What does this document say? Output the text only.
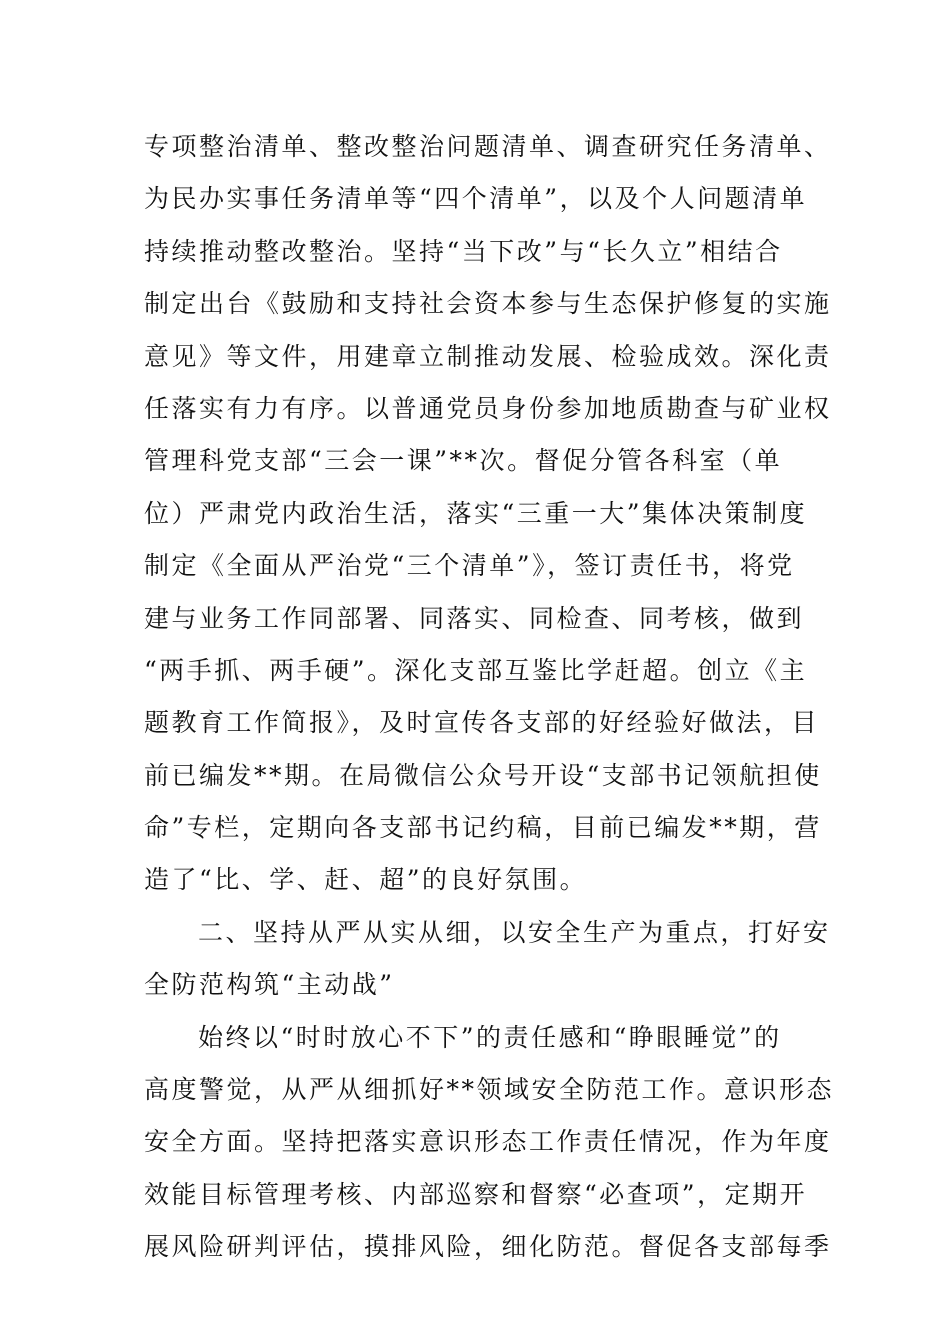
专项整治清单、整改整治问题清单、调查研究任务清单、
为民办实事任务清单等“四个清单”，以及个人问题清单
持续推动整改整治。坚持“当下改”与“长久立”相结合
制定出台《鼓励和支持社会资本参与生态保护修复的实施
意见》等文件，用建章立制推动发展、检验成效。深化责
任落实有力有序。以普通党员身份参加地质勘查与矿业权
管理科党支部“三会一课”**次。督促分管各科室（单
位）严肃党内政治生活，落实“三重一大”集体决策制度
制定《全面从严治党“三个清单”》，签订责任书，将党
建与业务工作同部署、同落实、同检查、同考核，做到
“两手抓、两手硬”。深化支部互鉴比学赶超。创立《主
题教育工作简报》，及时宣传各支部的好经验好做法，目
前已编发**期。在局微信公众号开设“支部书记领航担使
命”专栏，定期向各支部书记约稿，目前已编发**期，营
造了“比、学、赶、超”的良好氛围。
二、坚持从严从实从细，以安全生产为重点，打好安
全防范构筑“主动战”
始终以“时时放心不下”的责任感和“睁眼睡觉”的
高度警觉，从严从细抓好**领域安全防范工作。意识形态
安全方面。坚持把落实意识形态工作责任情况，作为年度
效能目标管理考核、内部巡察和督察“必查项”，定期开
展风险研判评估，摸排风险，细化防范。督促各支部每季
